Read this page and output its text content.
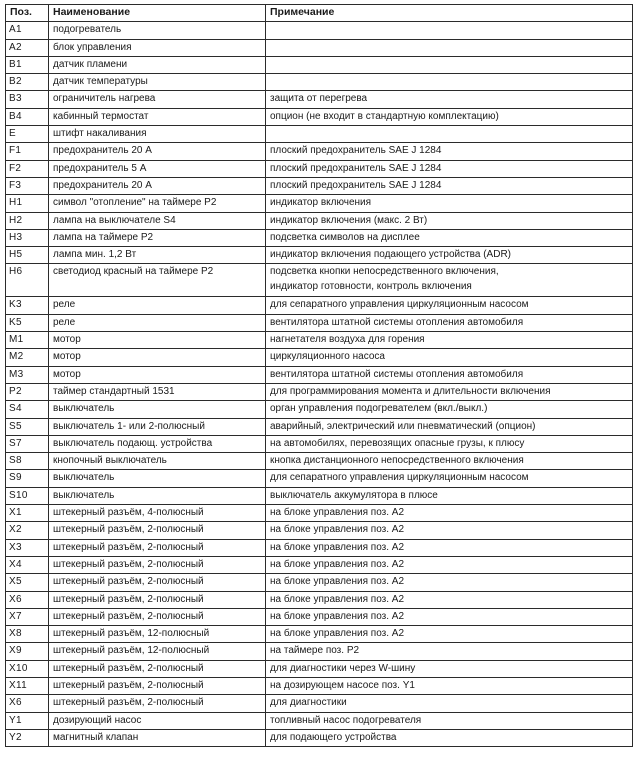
Поз.	Наименование	Примечание
A1	подогреватель	
A2	блок управления	
B1	датчик пламени	
B2	датчик температуры	
B3	ограничитель нагрева	защита от перегрева
B4	кабинный термостат	опцион (не входит в стандартную комплектацию)
E	штифт накаливания	
F1	предохранитель 20 А	плоский предохранитель SAE J 1284
F2	предохранитель 5 А	плоский предохранитель SAE J 1284
F3	предохранитель 20 А	плоский предохранитель SAE J 1284
H1	символ "отопление" на таймере P2	индикатор включения
H2	лампа на выключателе S4	индикатор включения (макс. 2 Вт)
H3	лампа на таймере P2	подсветка символов на дисплее
H5	лампа мин. 1,2 Вт	индикатор включения подающего устройства (ADR)
H6	светодиод красный на таймере P2	подсветка кнопки непосредственного включения,
индикатор готовности, контроль включения

K3	реле	для сепаратного управления циркуляционным насосом
K5	реле	вентилятора штатной системы отопления автомобиля
M1	мотор	нагнетателя воздуха для горения
M2	мотор	циркуляционного насоса
M3	мотор	вентилятора штатной системы отопления автомобиля
P2	таймер стандартный 1531	для программирования момента и длительности включения
S4	выключатель	орган управления подогревателем (вкл./выкл.)
S5	выключатель 1- или 2-полюсный	аварийный, электрический или пневматический (опцион)
S7	выключатель подающ. устройства	на автомобилях, перевозящих опасные грузы, к плюсу
S8	кнопочный выключатель	кнопка дистанционного непосредственного включения
S9	выключатель	для сепаратного управления циркуляционным насосом
S10	выключатель	выключатель аккумулятора в плюсе
X1	штекерный разъём, 4-полюсный	на блоке управления поз. A2
X2	штекерный разъём, 2-полюсный	на блоке управления поз. A2
X3	штекерный разъём, 2-полюсный	на блоке управления поз. A2
X4	штекерный разъём, 2-полюсный	на блоке управления поз. A2
X5	штекерный разъём, 2-полюсный	на блоке управления поз. A2
X6	штекерный разъём, 2-полюсный	на блоке управления поз. A2
X7	штекерный разъём, 2-полюсный	на блоке управления поз. A2
X8	штекерный разъём, 12-полюсный	на блоке управления поз. A2
X9	штекерный разъём, 12-полюсный	на таймере поз. P2
X10	штекерный разъём, 2-полюсный	для диагностики через W-шину
X11	штекерный разъём, 2-полюсный	на дозирующем насосе поз. Y1
X6	штекерный разъём, 2-полюсный	для диагностики
Y1	дозирующий насос	топливный насос подогревателя
Y2	магнитный клапан	для подающего устройства
